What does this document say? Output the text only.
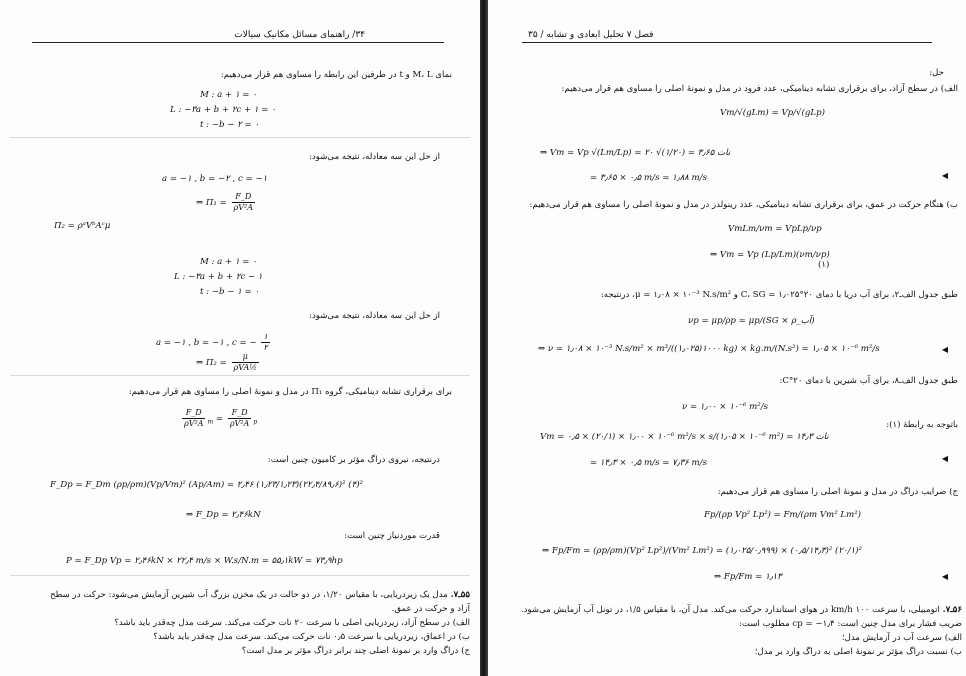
۳۴/ راهنمای مسائل مکانیک سیالات
نمای M، L و t در طرفین این رابطه را مساوی هم قرار می‌دهیم:
M : a + ۱ = ۰
L : −۳a + b + ۲c + ۱ = ۰
t : −b − ۲ = ۰
از حل این سه معادله، نتیجه می‌شود:
a = −۱ , b = −۲ , c = −۱
⇒ $\Pi_1 = \frac{F\_D}{\text{ρV²A}}$
Π₂ = ρᵃVᵇAᶜμ
M : a + ۱ = ۰
L : −۳a + b + ۲c − ۱
t : −b − ۱ = ۰
از حل این سه معادله، نتیجه می‌شود:
a = −۱ , b = −۱ , c = −
۱
۲
⇒ Π₂ =
μ
ρVA½
برای برقراری تشابه دینامیکی، گروه Π₁ در مدل و نمونهٔ اصلی را مساوی هم قرار می‌دهیم:
$\frac{F\_D}{\text{ρV²A}} _m = \frac{F\_D}{\text{ρV²A}} _p$
درنتیجه، نیروی دراگ مؤثر بر کامیون چنین است:
F_Dp = F_Dm (ρp/ρm)(Vp/Vm)² (Ap/Am) = ۲٫۴۶ (۱٫۲۳/۱٫۲۳)(۲۲٫۴/۸۹٫۶)² (۴)²
⇒ F_Dp = ۲٫۴۶kN
قدرت موردنیاز چنین است:
P = F_Dp Vp = ۲٫۴۶kN × ۲۲٫۴ m/s × W.s/N.m = ۵۵٫۱kW = ۷۳٫۹hp
۵۵ـ۷. مدل یک زیردریایی، با مقیاس ۱/۲۰، در دو حالت در یک مخزن بزرگ آب شیرین آزمایش می‌شود: حرکت در سطح
آزاد و حرکت در عمق.
الف) در سطح آزاد، زیردریایی اصلی با سرعت ۲۰ نات حرکت می‌کند. سرعت مدل چه‌قدر باید باشد؟
ب) در اعماق، زیردریایی با سرعت ۰٫۵ نات حرکت می‌کند. سرعت مدل چه‌قدر باید باشد؟
ج) دراگ وارد بر نمونهٔ اصلی چند برابر دراگ مؤثر بر مدل است؟
فصل ۷ تحلیل ابعادی و تشابه / ۳۵
حل:
الف) در سطح آزاد، برای برقراری تشابه دینامیکی، عدد فرود در مدل و نمونهٔ اصلی را مساوی هم قرار می‌دهیم:
Vm/√(gLm) = Vp/√(gLp)
⇒ Vm = Vp √(Lm/Lp) = ۲۰ √(۱/۲۰) = ۳٫۶۵ نات
= ۳٫۶۵ × ۰٫۵ m/s = ۱٫۸۸ m/s	◀
ب) هنگام حرکت در عمق، برای برقراری تشابه دینامیکی، عدد رینولدز در مدل و نمونهٔ اصلی را مساوی هم قرار می‌دهیم:
VmLm/νm = VpLp/νp
⇒ Vm = Vp (Lp/Lm)(νm/νp)
(۱)
طبق جدول الف‌ـ۲، برای آب دریا با دمای ۲۰°C، SG = ۱٫۰۲۵ و μ = ۱٫۰۸ × ۱۰⁻³ N.s/m²، درنتیجه:
νp = μp/ρp = μp/(SG × ρ_آب)
⇒ ν = ۱٫۰۸ × ۱۰⁻³ N.s/m² × m³/((۱٫۰۲۵)۱۰۰۰ kg) × kg.m/(N.s²) = ۱٫۰۵ × ۱۰⁻⁶ m²/s	◀
طبق جدول الف‌ـ۸، برای آب شیرین با دمای ۲۰°C:
ν = ۱٫۰۰ × ۱۰⁻⁶ m²/s
باتوجه به رابطهٔ (۱):
Vm = ۰٫۵ × (۲۰/۱) × ۱٫۰۰ × ۱۰⁻⁶ m²/s × s/(۱٫۰۵ × ۱۰⁻⁶ m²) = ۱۴٫۳ نات
= ۱۴٫۳ × ۰٫۵ m/s = ۷٫۳۶ m/s	◀
ج) ضرایب دراگ در مدل و نمونهٔ اصلی را مساوی هم قرار می‌دهیم:
Fp/(ρp Vp² Lp²) = Fm/(ρm Vm² Lm²)
⇒ Fp/Fm = (ρp/ρm)(Vp² Lp²)/(Vm² Lm²) = (۱٫۰۲۵/۰٫۹۹۹) × (۰٫۵/۱۴٫۳)² (۲۰/۱)²
⇒ Fp/Fm = ۱٫۱۳	◀
۵۶ـ۷. اتومبیلی، با سرعت ۱۰۰ km/h در هوای استاندارد حرکت می‌کند. مدل آن، با مقیاس ۱/۵، در تونل آب آزمایش می‌شود.
ضریب فشار برای مدل چنین است: cp = −۱٫۴ مطلوب است:
الف) سرعت آب در آزمایش مدل؛
ب) نسبت دراگ مؤثر بر نمونهٔ اصلی به دراگ وارد بر مدل؛
